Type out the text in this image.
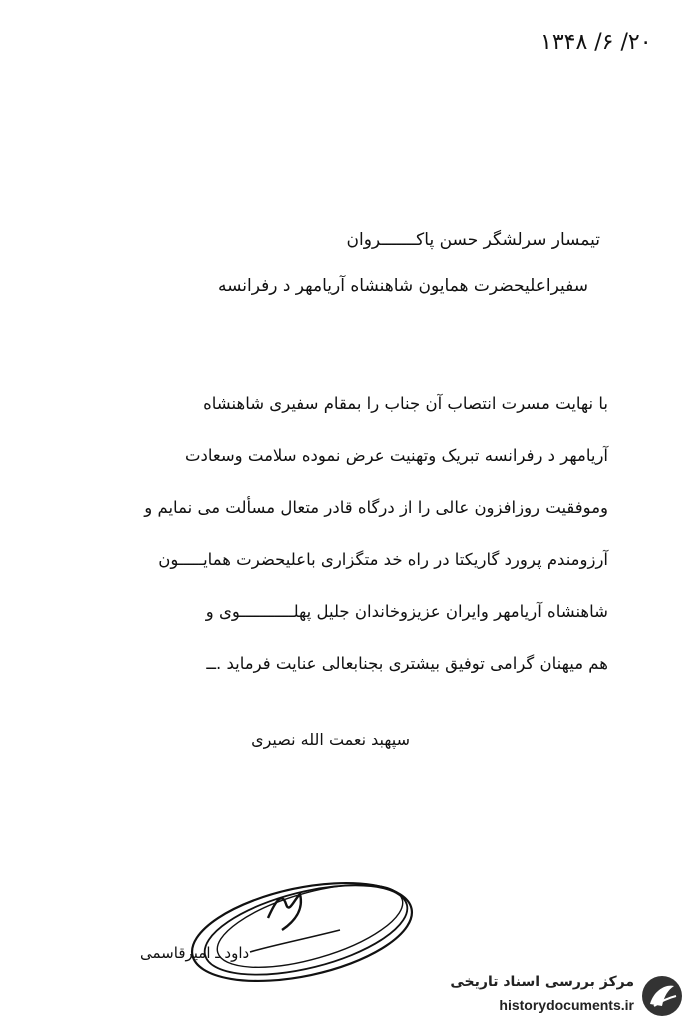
۲۰/ ۶/ ۱۳۴۸
تیمسار سرلشگر حسن پاکـــــــروان
سفیراعلیحضرت همایون شاهنشاه آریامهر د رفرانسه
با نهایت مسرت انتصاب آن جناب را بمقام سفیری شاهنشاه
آریامهر د رفرانسه تبریک وتهنیت عرض نموده سلامت وسعادت
وموفقیت روزافزون عالی را از درگاه قادر متعال مسألت می نمایم و
آرزومندم پرورد گاریکتا در راه خد متگزاری باعلیحضرت همایـــــون
شاهنشاه آریامهر وایران عزیزوخاندان جلیل پهلـــــــــــوی و
هم میهنان گرامی توفیق بیشتری بجنابعالی عنایت فرماید .ــ
سپهبد نعمت الله نصیری
داود ـ امیرقاسمی
مرکز بررسی اسناد تاریخی
historydocuments.ir
